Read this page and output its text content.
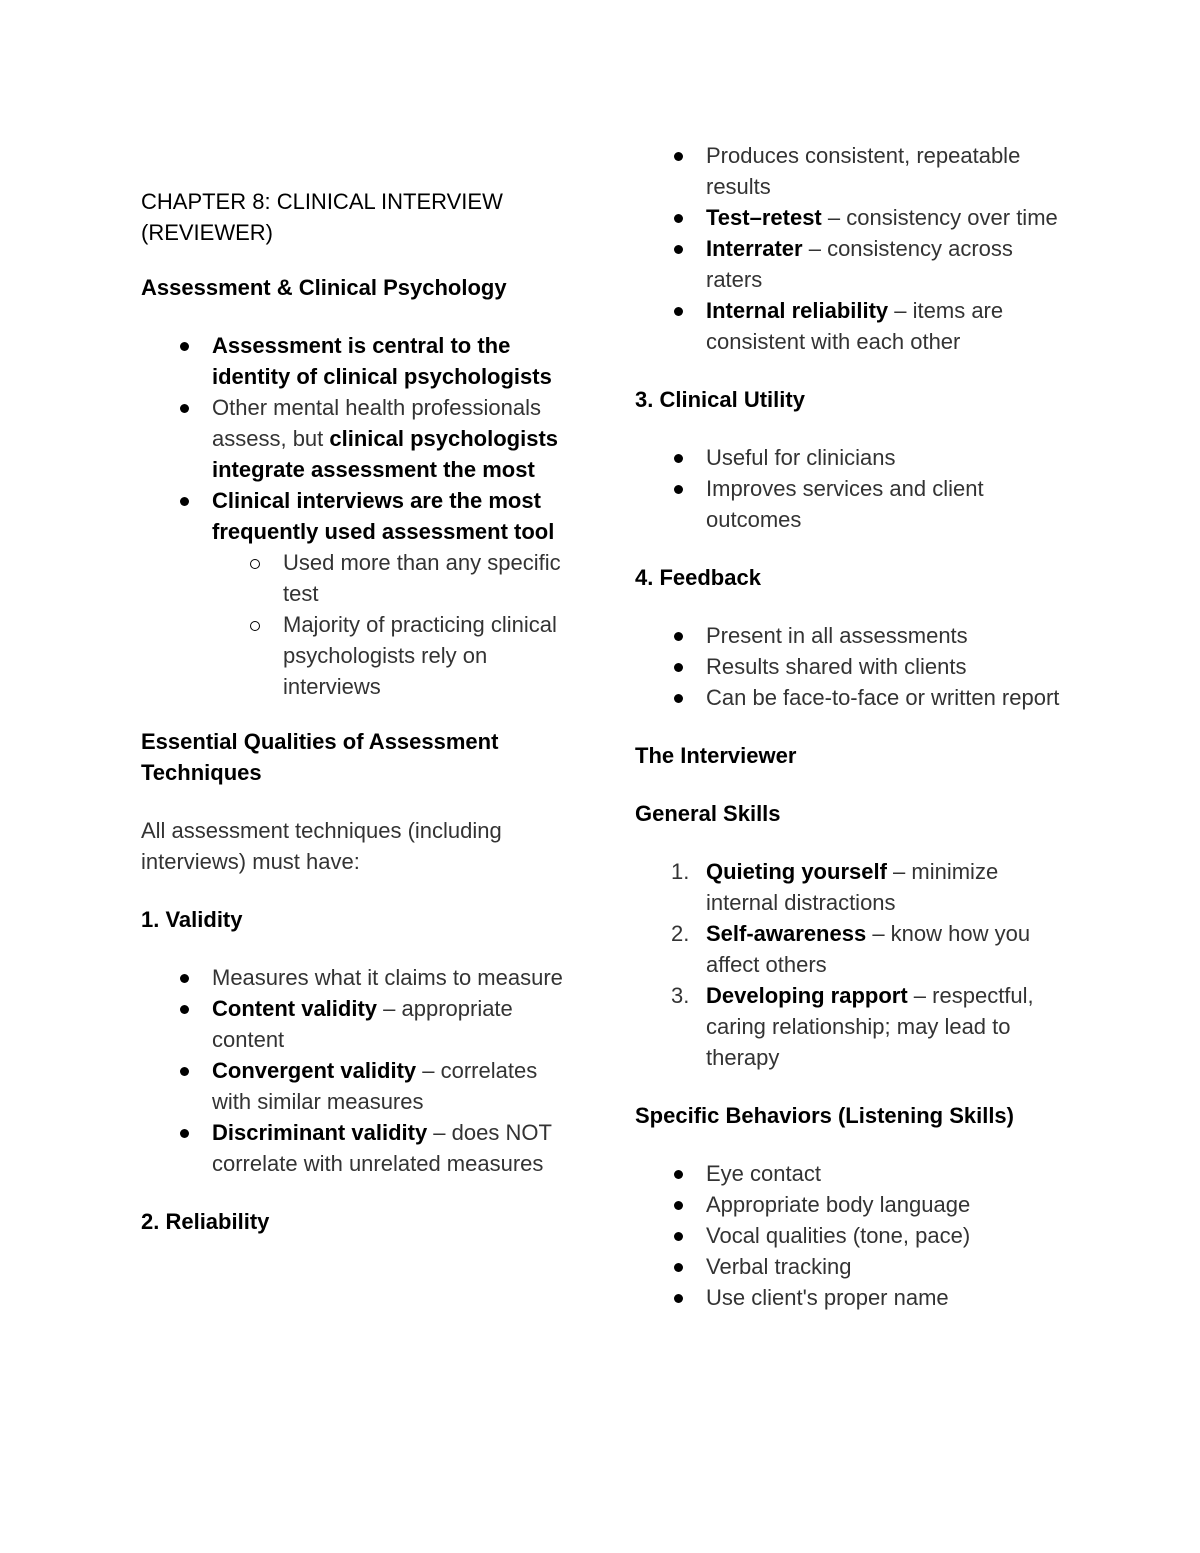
CHAPTER 8: CLINICAL INTERVIEW
(REVIEWER)
Assessment & Clinical Psychology
Assessment is central to the identity of clinical psychologists
Other mental health professionals assess, but clinical psychologists integrate assessment the most
Clinical interviews are the most frequently used assessment tool
Used more than any specific test
Majority of practicing clinical psychologists rely on interviews
Essential Qualities of Assessment Techniques

All assessment techniques (including interviews) must have:

1. Validity
Measures what it claims to measure
Content validity – appropriate content
Convergent validity – correlates with similar measures
Discriminant validity – does NOT correlate with unrelated measures
2. Reliability
Produces consistent, repeatable results
Test–retest – consistency over time
Interrater – consistency across raters
Internal reliability – items are consistent with each other
3. Clinical Utility
Useful for clinicians
Improves services and client outcomes
4. Feedback
Present in all assessments
Results shared with clients
Can be face-to-face or written report
The Interviewer
General Skills
1. Quieting yourself – minimize internal distractions
2. Self-awareness – know how you affect others
3. Developing rapport – respectful, caring relationship; may lead to therapy
Specific Behaviors (Listening Skills)
Eye contact
Appropriate body language
Vocal qualities (tone, pace)
Verbal tracking
Use client's proper name
